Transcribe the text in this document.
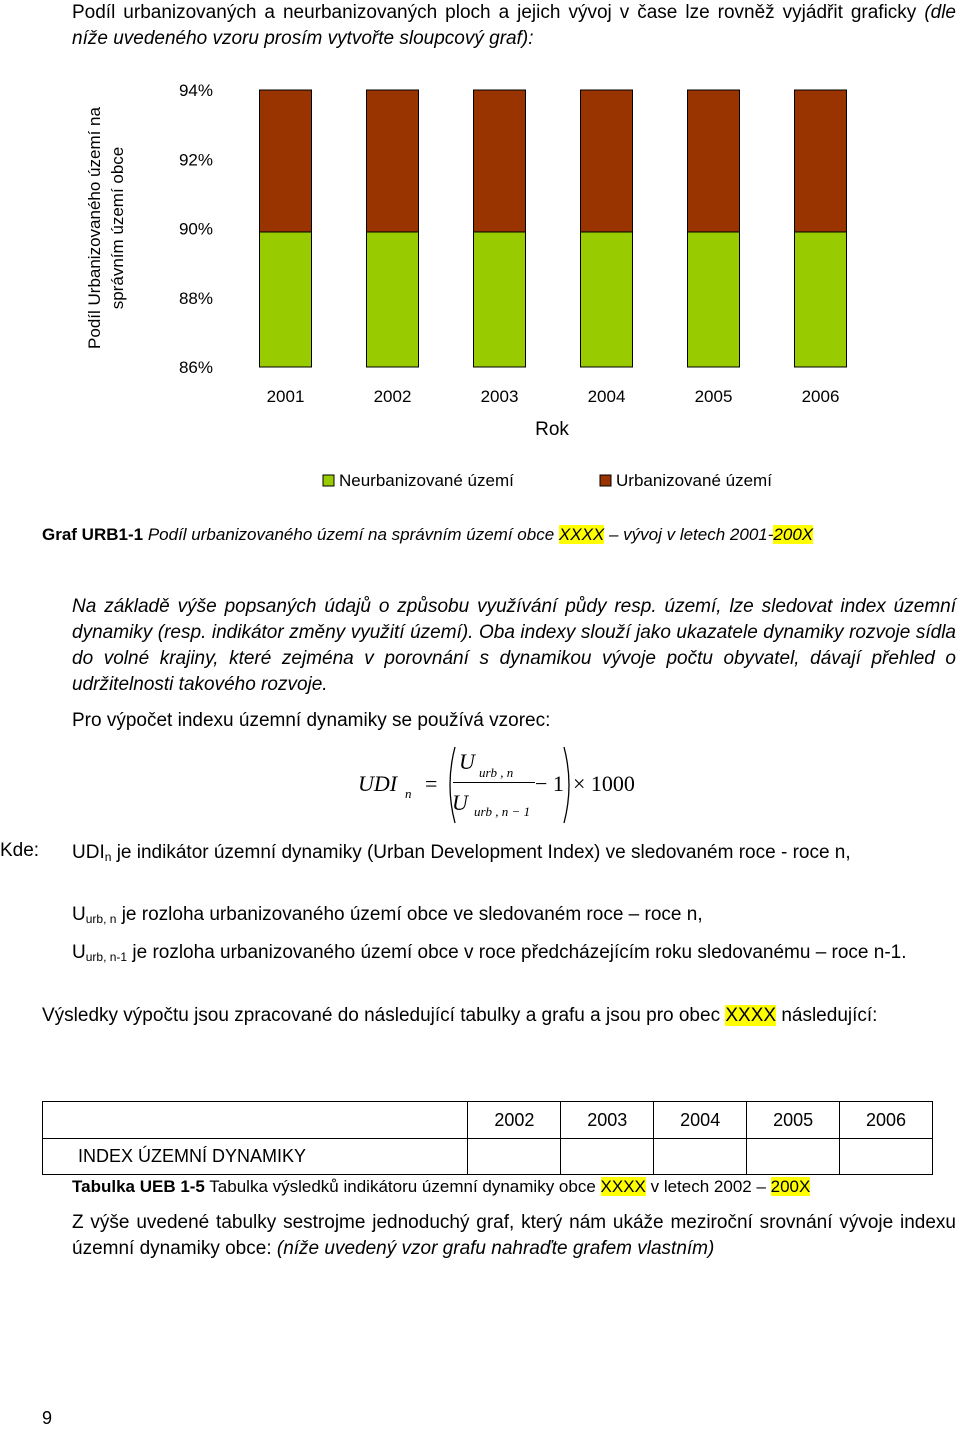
Podíl urbanizovaných a neurbanizovaných ploch a jejich vývoj v čase lze rovněž vyjádřit graficky (dle níže uvedeného vzoru prosím vytvořte sloupcový graf):
94%
92%
90%
88%
86%
Podíl Urbanizovaného území na správním území obce
2001	2002	2003	2004	2005	2006
Rok
Neurbanizované území	Urbanizované území
Graf URB1-1 Podíl urbanizovaného území na správním území obce XXXX – vývoj v letech 2001-200X
Na základě výše popsaných údajů o způsobu využívání půdy resp. území, lze sledovat index územní dynamiky (resp. indikátor změny využití území). Oba indexy slouží jako ukazatele dynamiky rozvoje sídla do volné krajiny, které zejména v porovnání s dynamikou vývoje počtu obyvatel, dávají přehled o udržitelnosti takového rozvoje.
Pro výpočet indexu územní dynamiky se používá vzorec:
UDI n =
U urb , n
U urb , n − 1
− 1 × 1000
Kde: $UDI_n$ je indikátor územní dynamiky (Urban Development Index) ve sledovaném roce - roce n,
$U_{urb, n}$ je rozloha urbanizovaného území obce ve sledovaném roce – roce n,
$U_{urb, n-1}$ je rozloha urbanizovaného území obce v roce předcházejícím roku sledovanému – roce n-1.
Výsledky výpočtu jsou zpracované do následující tabulky a grafu a jsou pro obec XXXX následující:
	2002	2003	2004	2005	2006
INDEX ÚZEMNÍ DYNAMIKY					
Tabulka UEB 1-5 Tabulka výsledků indikátoru územní dynamiky obce XXXX v letech 2002 – 200X
Z výše uvedené tabulky sestrojme jednoduchý graf, který nám ukáže meziroční srovnání vývoje indexu územní dynamiky obce: (níže uvedený vzor grafu nahraďte grafem vlastním)
9
